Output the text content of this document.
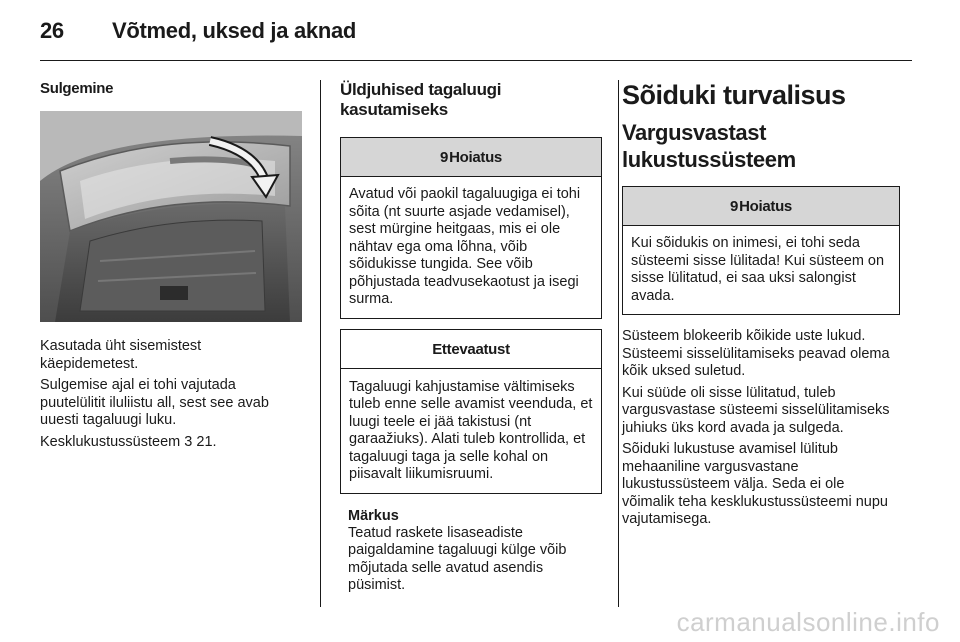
26 Võtmed, uksed ja aknad
Sulgemine

Kasutada üht sisemistest käepidemetest.

Sulgemise ajal ei tohi vajutada puutelülitit iluliistu all, sest see avab uuesti tagaluugi luku.

Kesklukustussüsteem 3 21.

Üldjuhised tagaluugi kasutamiseks
9Hoiatus
Avatud või paokil tagaluugiga ei tohi sõita (nt suurte asjade vedamisel), sest mürgine heitgaas, mis ei ole nähtav ega oma lõhna, võib sõidukisse tungida. See võib põhjustada teadvusekaotust ja isegi surma.
Ettevaatust
Tagaluugi kahjustamise vältimiseks tuleb enne selle avamist veenduda, et luugi teele ei jää takistusi (nt garaažiuks). Alati tuleb kontrollida, et tagaluugi taga ja selle kohal on piisavalt liikumisruumi.
Märkus
Teatud raskete lisaseadiste paigaldamine tagaluugi külge võib mõjutada selle avatud asendis püsimist.
Sõiduki turvalisus
Vargusvastast lukustussüsteem
9Hoiatus
Kui sõidukis on inimesi, ei tohi seda süsteemi sisse lülitada! Kui süsteem on sisse lülitatud, ei saa uksi salongist avada.

Süsteem blokeerib kõikide uste lukud. Süsteemi sisselülitamiseks peavad olema kõik uksed suletud.

Kui süüde oli sisse lülitatud, tuleb vargusvastase süsteemi sisselülitamiseks juhiuks üks kord avada ja sulgeda.

Sõiduki lukustuse avamisel lülitub mehaaniline vargusvastane lukustussüsteem välja. Seda ei ole võimalik teha kesklukustussüsteemi nupu vajutamisega.

carmanualsonline.info
